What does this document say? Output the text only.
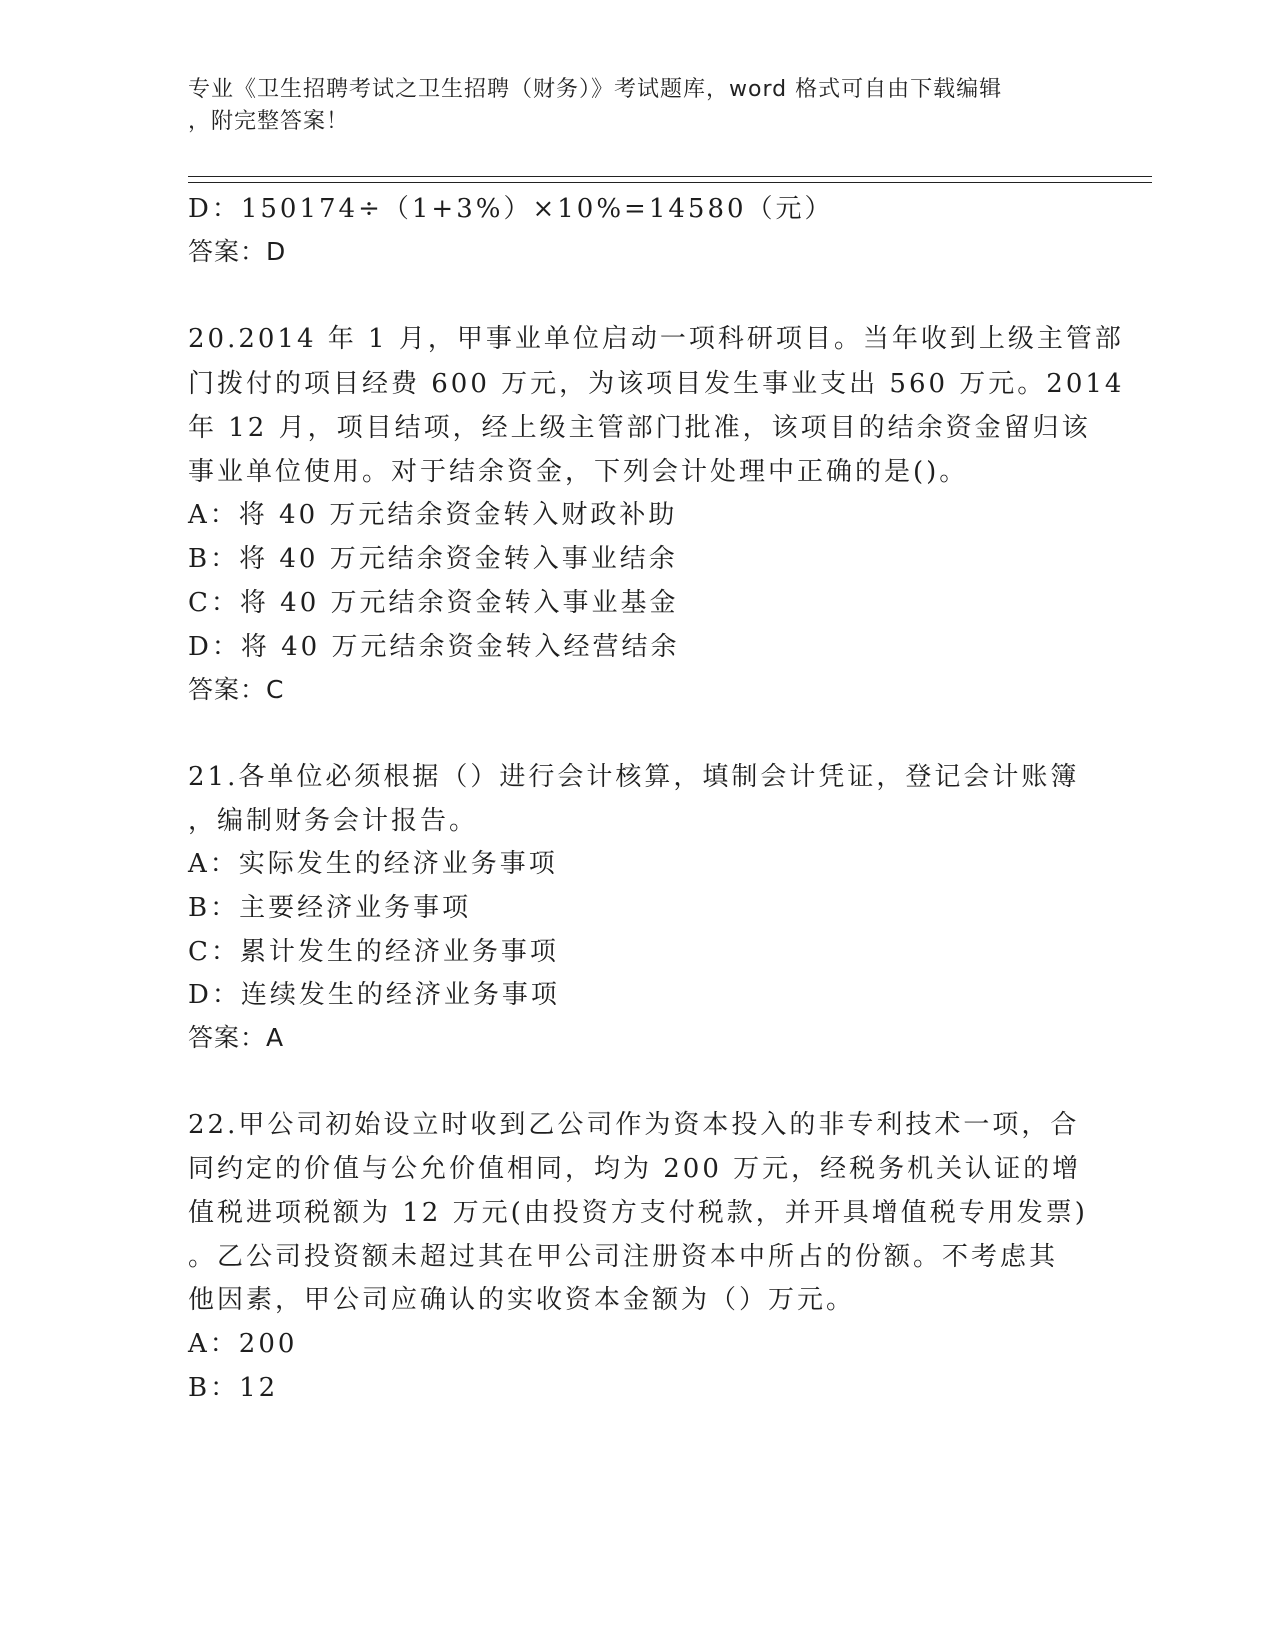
专业《卫生招聘考试之卫生招聘（财务）》考试题库，word 格式可自由下载编辑
，附完整答案！
D：150174÷（1+3%）×10%=14580（元）
答案：D
20.2014 年 1 月，甲事业单位启动一项科研项目。当年收到上级主管部
门拨付的项目经费 600 万元，为该项目发生事业支出 560 万元。2014
年 12 月，项目结项，经上级主管部门批准，该项目的结余资金留归该
事业单位使用。对于结余资金，下列会计处理中正确的是()。
A：将 40 万元结余资金转入财政补助
B：将 40 万元结余资金转入事业结余
C：将 40 万元结余资金转入事业基金
D：将 40 万元结余资金转入经营结余
答案：C
21.各单位必须根据（）进行会计核算，填制会计凭证，登记会计账簿
，编制财务会计报告。
A：实际发生的经济业务事项
B：主要经济业务事项
C：累计发生的经济业务事项
D：连续发生的经济业务事项
答案：A
22.甲公司初始设立时收到乙公司作为资本投入的非专利技术一项，合
同约定的价值与公允价值相同，均为 200 万元，经税务机关认证的增
值税进项税额为 12 万元(由投资方支付税款，并开具增值税专用发票)
。乙公司投资额未超过其在甲公司注册资本中所占的份额。不考虑其
他因素，甲公司应确认的实收资本金额为（）万元。
A：200
B：12
